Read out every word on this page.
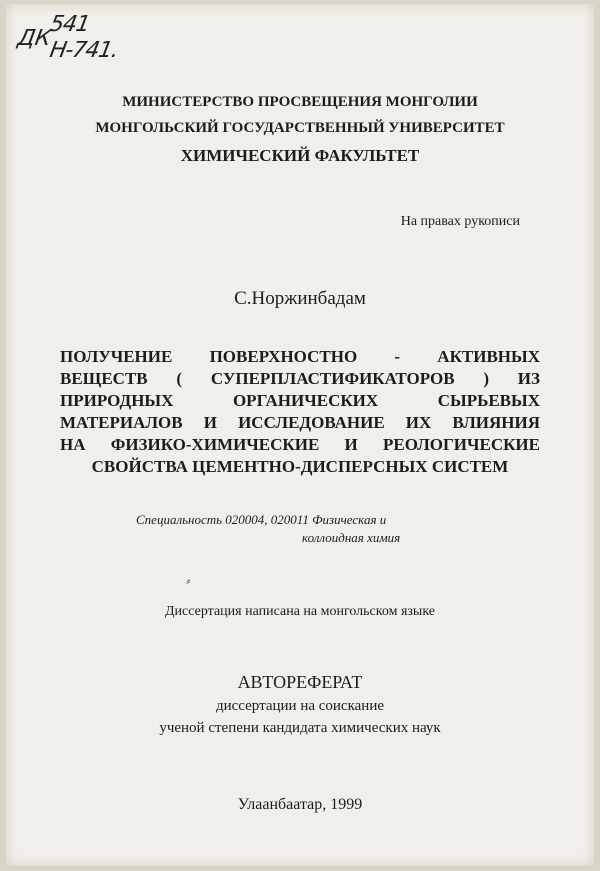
ДК
541
Н-741.
МИНИСТЕРСТВО ПРОСВЕЩЕНИЯ МОНГОЛИИ
МОНГОЛЬСКИЙ ГОСУДАРСТВЕННЫЙ УНИВЕРСИТЕТ
ХИМИЧЕСКИЙ ФАКУЛЬТЕТ
На правах рукописи
С.Норжинбадам
ПОЛУЧЕНИЕ ПОВЕРХНОСТНО - АКТИВНЫХ
ВЕЩЕСТВ ( СУПЕРПЛАСТИФИКАТОРОВ ) ИЗ
ПРИРОДНЫХ ОРГАНИЧЕСКИХ СЫРЬЕВЫХ
МАТЕРИАЛОВ И ИССЛЕДОВАНИЕ ИХ ВЛИЯНИЯ
НА ФИЗИКО-ХИМИЧЕСКИЕ И РЕОЛОГИЧЕСКИЕ
СВОЙСТВА ЦЕМЕНТНО-ДИСПЕРСНЫХ СИСТЕМ
Специальность 020004, 020011 Физическая и
коллоидная химия
⸗
Диссертация написана на монгольском языке
АВТОРЕФЕРАТ
диссертации на соискание
ученой степени кандидата химических наук
Улаанбаатар, 1999
